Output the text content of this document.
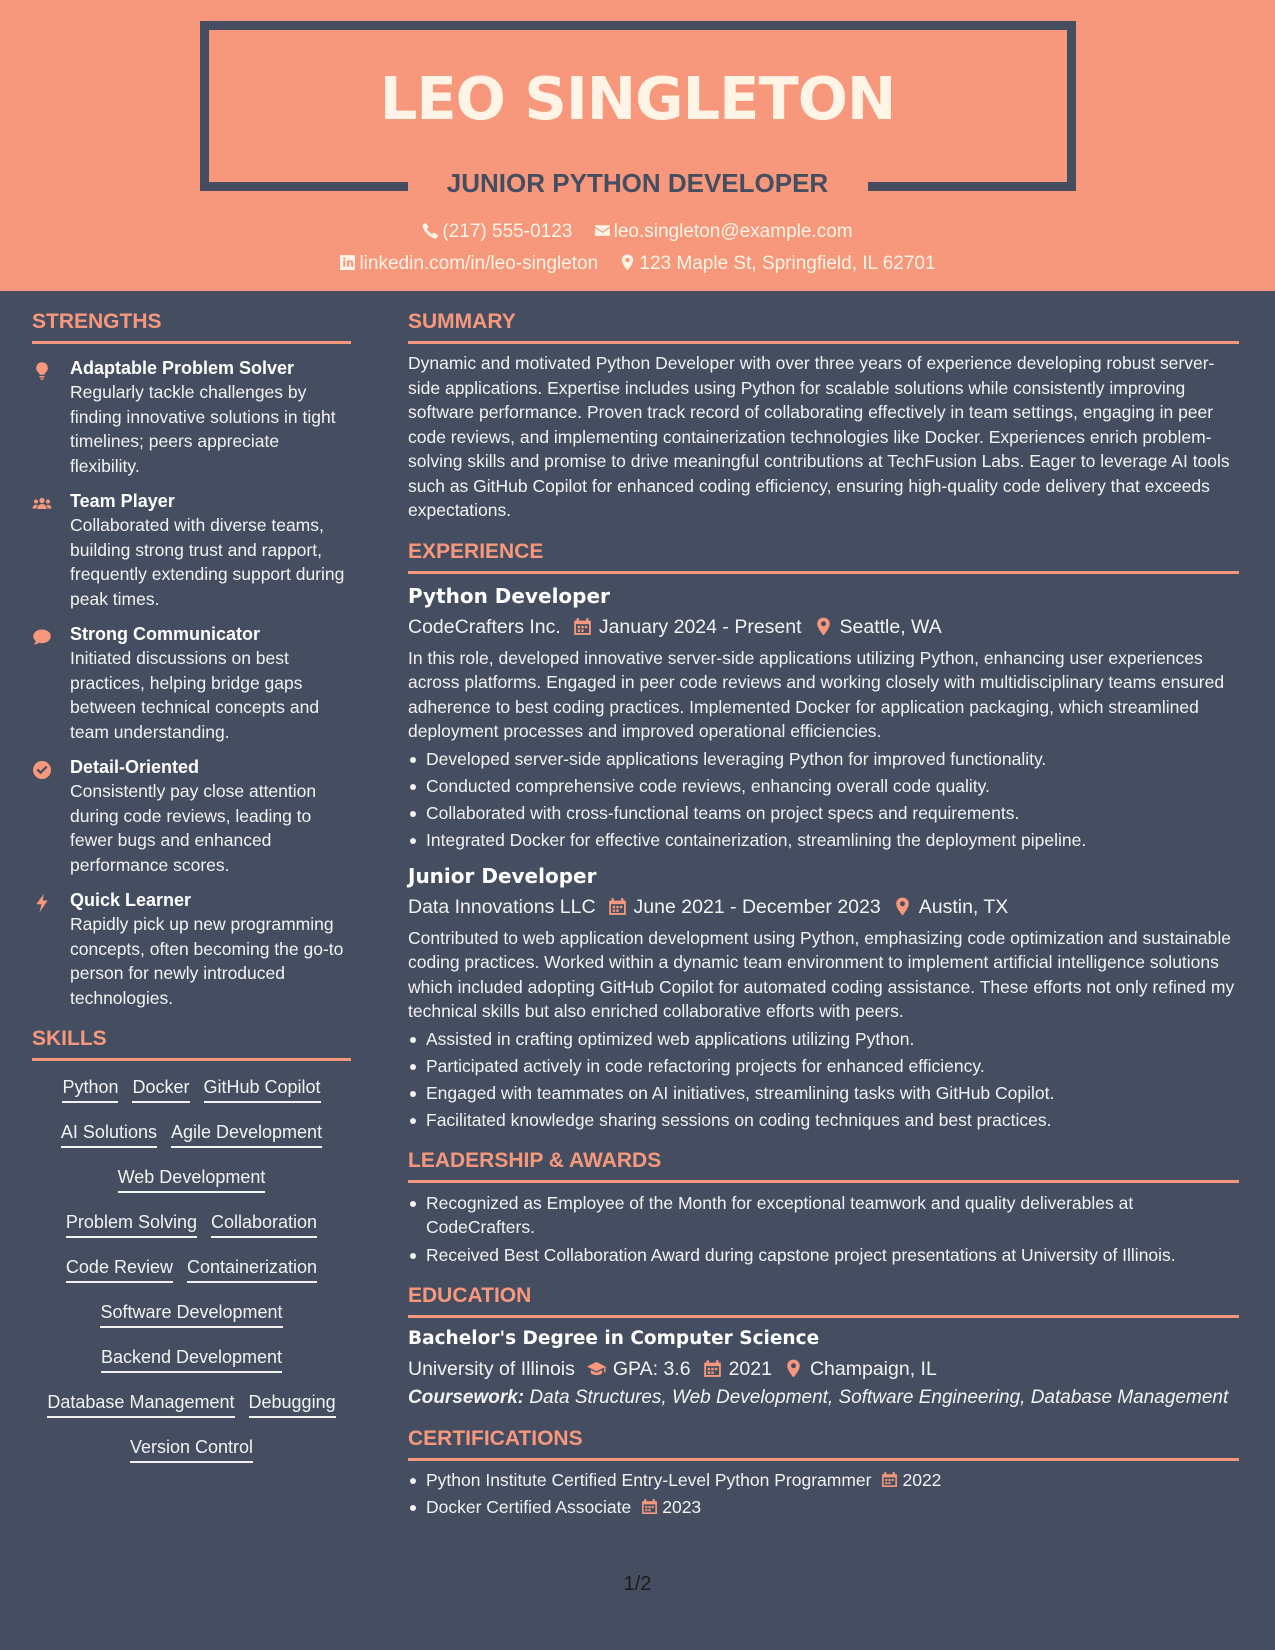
LEO SINGLETON
JUNIOR PYTHON DEVELOPER
(217) 555-0123 leo.singleton@example.com
linkedin.com/in/leo-singleton 123 Maple St, Springfield, IL 62701
STRENGTHS
Adaptable Problem Solver
Regularly tackle challenges by finding innovative solutions in tight timelines; peers appreciate flexibility.
Team Player
Collaborated with diverse teams, building strong trust and rapport, frequently extending support during peak times.
Strong Communicator
Initiated discussions on best practices, helping bridge gaps between technical concepts and team understanding.
Detail-Oriented
Consistently pay close attention during code reviews, leading to fewer bugs and enhanced performance scores.
Quick Learner
Rapidly pick up new programming concepts, often becoming the go-to person for newly introduced technologies.
SKILLS
Python Docker GitHub Copilot
AI Solutions Agile Development
Web Development
Problem Solving Collaboration
Code Review Containerization
Software Development
Backend Development
Database Management Debugging
Version Control
SUMMARY
Dynamic and motivated Python Developer with over three years of experience developing robust server-side applications. Expertise includes using Python for scalable solutions while consistently improving software performance. Proven track record of collaborating effectively in team settings, engaging in peer code reviews, and implementing containerization technologies like Docker. Experiences enrich problem-solving skills and promise to drive meaningful contributions at TechFusion Labs. Eager to leverage AI tools such as GitHub Copilot for enhanced coding efficiency, ensuring high-quality code delivery that exceeds expectations.
EXPERIENCE
Python Developer
CodeCrafters Inc. January 2024 - Present Seattle, WA
In this role, developed innovative server-side applications utilizing Python, enhancing user experiences across platforms. Engaged in peer code reviews and working closely with multidisciplinary teams ensured adherence to best coding practices. Implemented Docker for application packaging, which streamlined deployment processes and improved operational efficiencies.
Developed server-side applications leveraging Python for improved functionality.
Conducted comprehensive code reviews, enhancing overall code quality.
Collaborated with cross-functional teams on project specs and requirements.
Integrated Docker for effective containerization, streamlining the deployment pipeline.
Junior Developer
Data Innovations LLC June 2021 - December 2023 Austin, TX
Contributed to web application development using Python, emphasizing code optimization and sustainable coding practices. Worked within a dynamic team environment to implement artificial intelligence solutions which included adopting GitHub Copilot for automated coding assistance. These efforts not only refined my technical skills but also enriched collaborative efforts with peers.
Assisted in crafting optimized web applications utilizing Python.
Participated actively in code refactoring projects for enhanced efficiency.
Engaged with teammates on AI initiatives, streamlining tasks with GitHub Copilot.
Facilitated knowledge sharing sessions on coding techniques and best practices.
LEADERSHIP & AWARDS
Recognized as Employee of the Month for exceptional teamwork and quality deliverables at CodeCrafters.
Received Best Collaboration Award during capstone project presentations at University of Illinois.
EDUCATION
Bachelor's Degree in Computer Science
University of Illinois GPA: 3.6 2021 Champaign, IL
Coursework: Data Structures, Web Development, Software Engineering, Database Management
CERTIFICATIONS
Python Institute Certified Entry-Level Python Programmer 2022
Docker Certified Associate 2023
1/2
